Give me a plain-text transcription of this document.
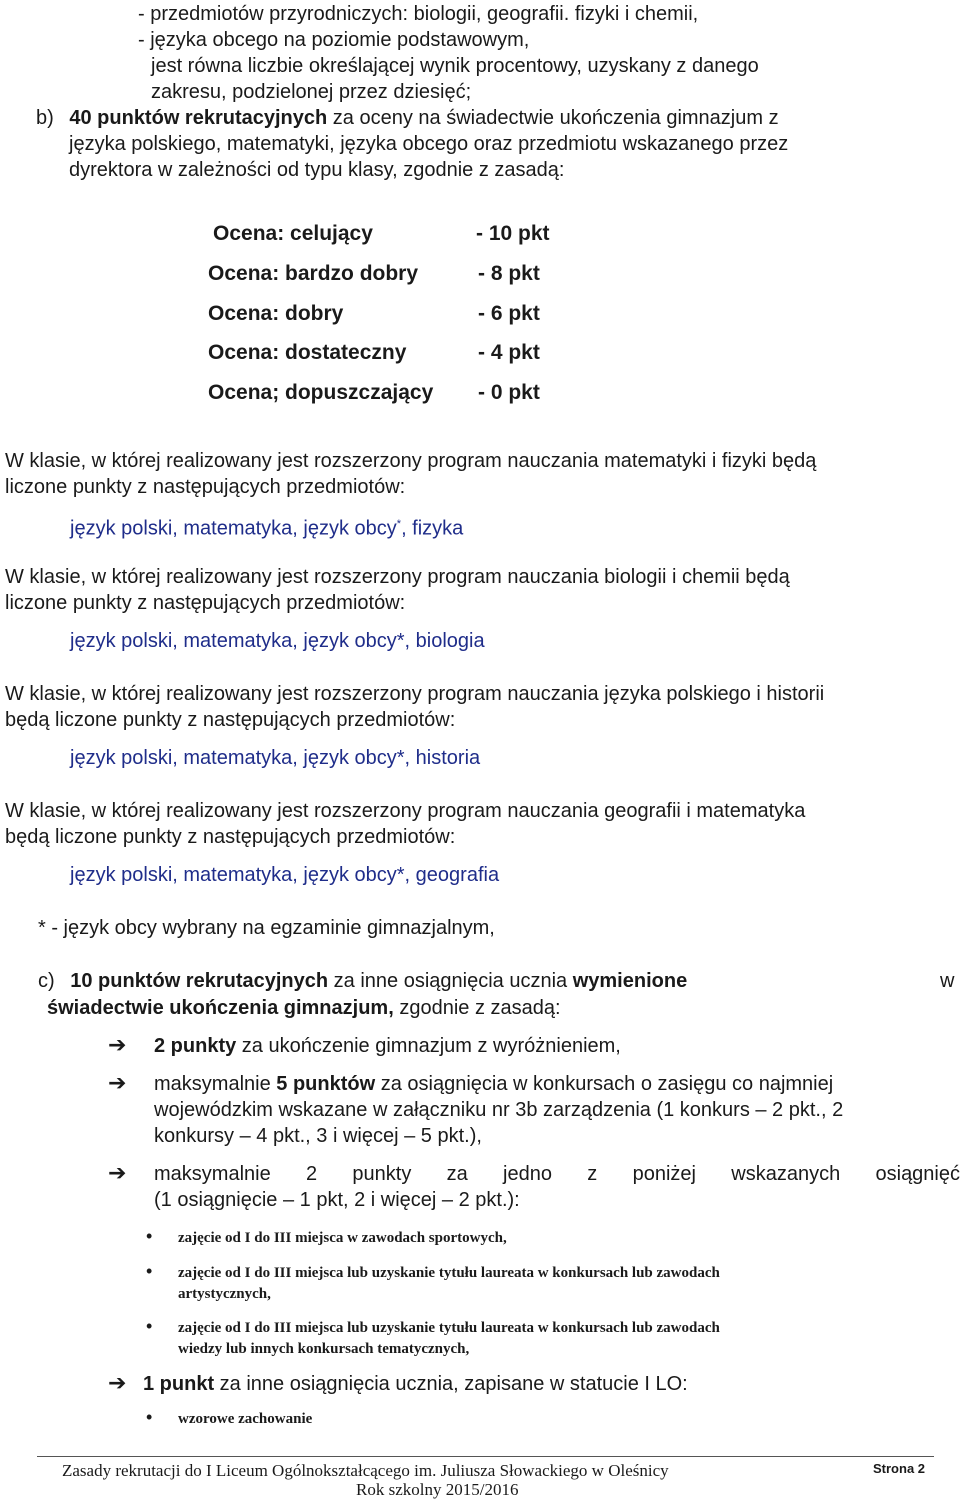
- przedmiotów przyrodniczych: biologii, geografii. fizyki i chemii,
- języka obcego na poziomie podstawowym,
jest równa liczbie określającej wynik procentowy, uzyskany z danego
zakresu, podzielonej przez dziesięć;
b) 40 punktów rekrutacyjnych za oceny na świadectwie ukończenia gimnazjum z
języka polskiego, matematyki, języka obcego oraz przedmiotu wskazanego przez
dyrektora w zależności od typu klasy, zgodnie z zasadą:
Ocena: celujący	- 10 pkt
Ocena: bardzo dobry	- 8 pkt
Ocena: dobry	- 6 pkt
Ocena: dostateczny	- 4 pkt
Ocena; dopuszczający - 0 pkt
W klasie, w której realizowany jest rozszerzony program nauczania matematyki i fizyki będą
liczone punkty z następujących przedmiotów:
język polski, matematyka, język obcy*, fizyka
W klasie, w której realizowany jest rozszerzony program nauczania biologii i chemii będą
liczone punkty z następujących przedmiotów:
język polski, matematyka, język obcy*, biologia
W klasie, w której realizowany jest rozszerzony program nauczania języka polskiego i historii
będą liczone punkty z następujących przedmiotów:
język polski, matematyka, język obcy*, historia
W klasie, w której realizowany jest rozszerzony program nauczania geografii i matematyka
będą liczone punkty z następujących przedmiotów:
język polski, matematyka, język obcy*, geografia
* - język obcy wybrany na egzaminie gimnazjalnym,
c) 10 punktów rekrutacyjnych za inne osiągnięcia ucznia wymienione	w
świadectwie ukończenia gimnazjum, zgodnie z zasadą:
➔ 2 punkty za ukończenie gimnazjum z wyróżnieniem,
➔ maksymalnie 5 punktów za osiągnięcia w konkursach o zasięgu co najmniej
wojewódzkim wskazane w załączniku nr 3b zarządzenia (1 konkurs – 2 pkt., 2
konkursy – 4 pkt., 3 i więcej – 5 pkt.),
➔ maksymalnie 2 punkty za jedno z poniżej wskazanych osiągnięć
(1 osiągnięcie – 1 pkt, 2 i więcej – 2 pkt.):
• zajęcie od I do III miejsca w zawodach sportowych,
• zajęcie od I do III miejsca lub uzyskanie tytułu laureata w konkursach lub zawodach
artystycznych,
• zajęcie od I do III miejsca lub uzyskanie tytułu laureata w konkursach lub zawodach
wiedzy lub innych konkursach tematycznych,
➔ 1 punkt za inne osiągnięcia ucznia, zapisane w statucie I LO:
• wzorowe zachowanie
Zasady rekrutacji do I Liceum Ogólnokształcącego im. Juliusza Słowackiego w Oleśnicy	Strona 2
Rok szkolny 2015/2016
